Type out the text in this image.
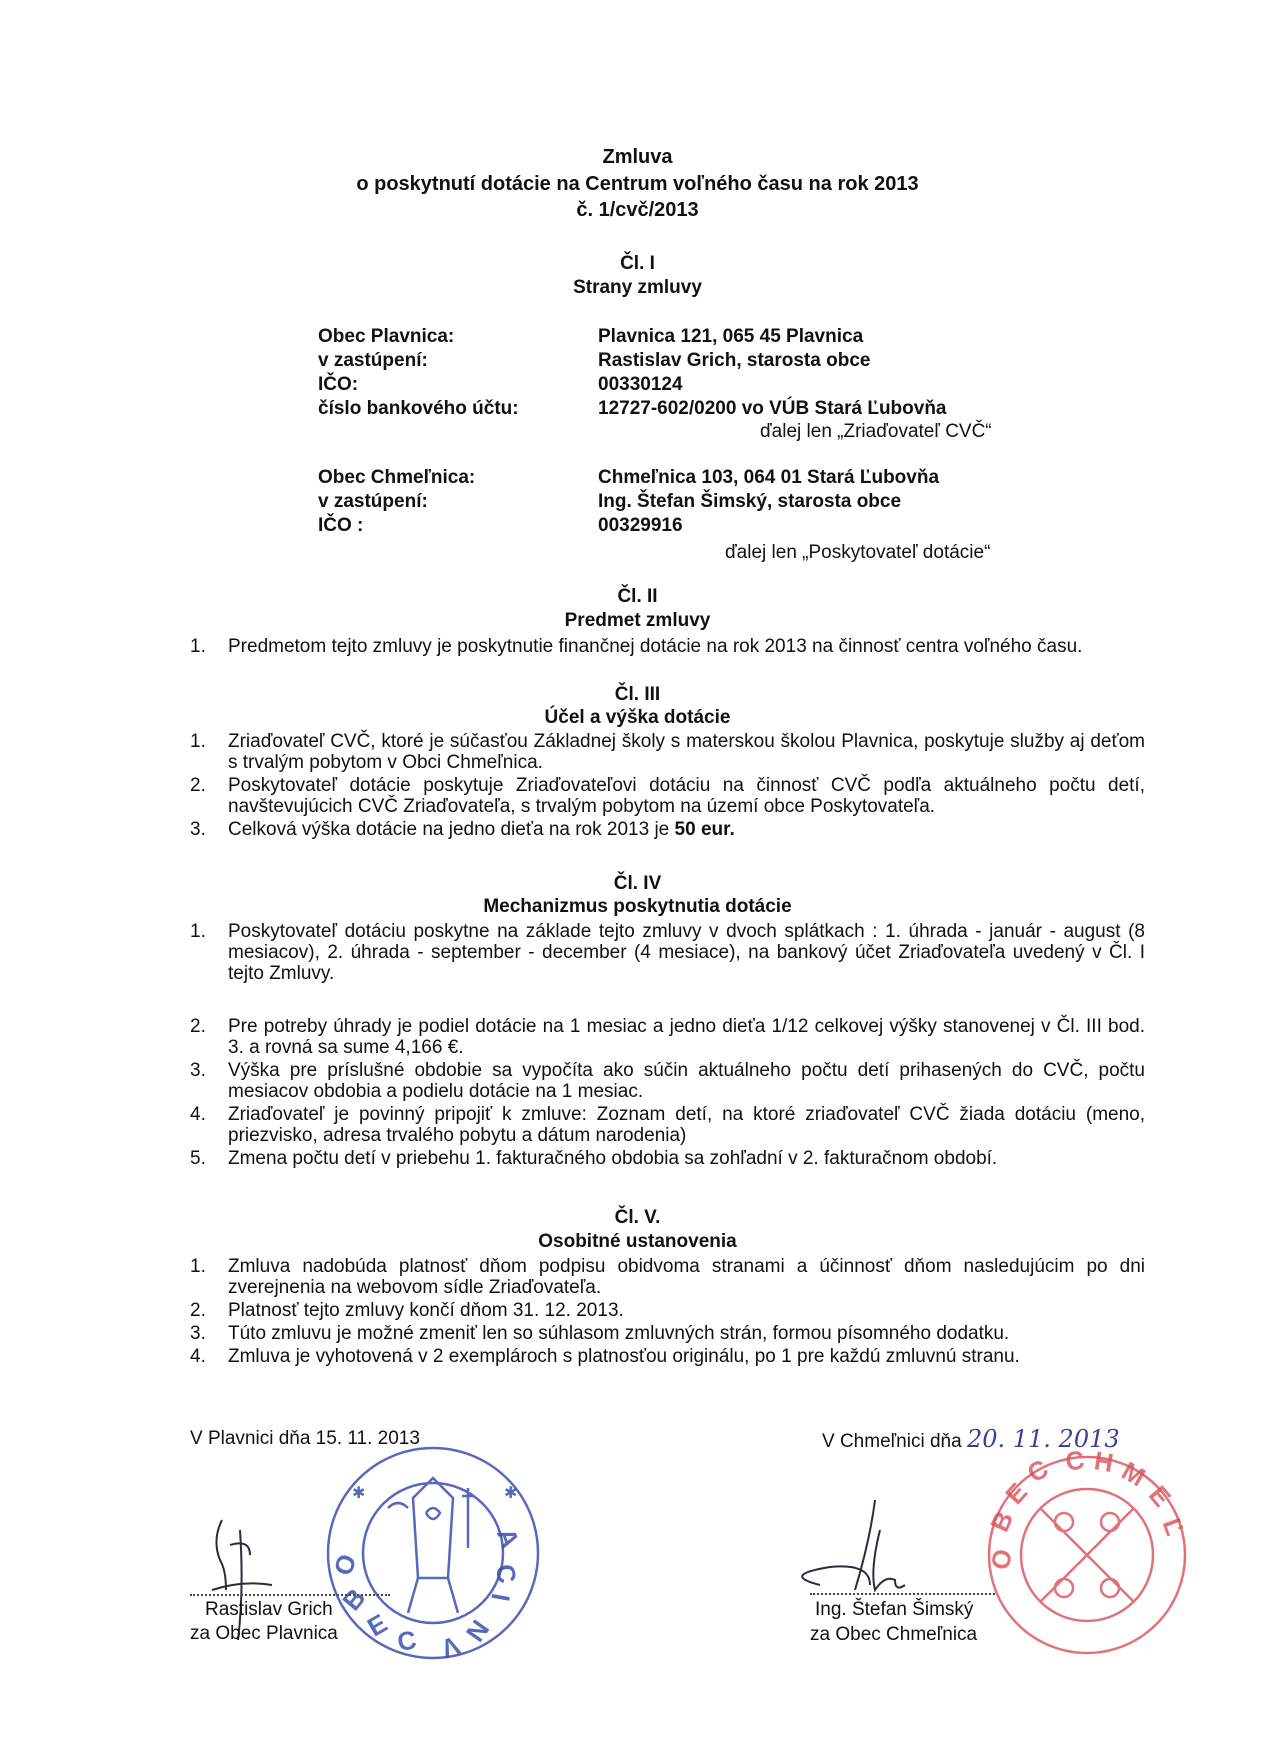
Zmluva
o poskytnutí dotácie na Centrum voľného času na rok 2013
č. 1/cvč/2013
Čl. I
Strany zmluvy
Obec Plavnica:
v zastúpení:
IČO:
číslo bankového účtu:
Plavnica 121, 065 45 Plavnica
Rastislav Grich, starosta obce
00330124
12727-602/0200 vo VÚB Stará Ľubovňa
ďalej len „Zriaďovateľ CVČ“
Obec Chmeľnica:
v zastúpení:
IČO :
Chmeľnica 103, 064 01 Stará Ľubovňa
Ing. Štefan Šimský, starosta obce
00329916
ďalej len „Poskytovateľ dotácie“
Čl. II
Predmet zmluvy
1. Predmetom tejto zmluvy je poskytnutie finančnej dotácie na rok 2013 na činnosť centra voľného času.
Čl. III
Účel a výška dotácie
1. Zriaďovateľ CVČ, ktoré je súčasťou Základnej školy s materskou školou Plavnica, poskytuje služby aj deťom s trvalým pobytom v Obci Chmeľnica.
2. Poskytovateľ dotácie poskytuje Zriaďovateľovi dotáciu na činnosť CVČ podľa aktuálneho počtu detí, navštevujúcich CVČ Zriaďovateľa, s trvalým pobytom na území obce Poskytovateľa.
3. Celková výška dotácie na jedno dieťa na rok 2013 je 50 eur.
Čl. IV
Mechanizmus poskytnutia dotácie
1. Poskytovateľ dotáciu poskytne na základe tejto zmluvy v dvoch splátkach : 1. úhrada - január - august (8 mesiacov), 2. úhrada - september - december (4 mesiace), na bankový účet Zriaďovateľa uvedený v Čl. I tejto Zmluvy.
2. Pre potreby úhrady je podiel dotácie na 1 mesiac a jedno dieťa 1/12 celkovej výšky stanovenej v Čl. III bod. 3. a rovná sa sume 4,166 €.
3. Výška pre príslušné obdobie sa vypočíta ako súčin aktuálneho počtu detí prihasených do CVČ, počtu mesiacov obdobia a podielu dotácie na 1 mesiac.
4. Zriaďovateľ je povinný pripojiť k zmluve: Zoznam detí, na ktoré zriaďovateľ CVČ žiada dotáciu (meno, priezvisko, adresa trvalého pobytu a dátum narodenia)
5. Zmena počtu detí v priebehu 1. fakturačného obdobia sa zohľadní v 2. fakturačnom období.
Čl. V.
Osobitné ustanovenia
1. Zmluva nadobúda platnosť dňom podpisu obidvoma stranami a účinnosť dňom nasledujúcim po dni zverejnenia na webovom sídle Zriaďovateľa.
2. Platnosť tejto zmluvy končí dňom 31. 12. 2013.
3. Túto zmluvu je možné zmeniť len so súhlasom zmluvných strán, formou písomného dodatku.
4. Zmluva je vyhotovená v 2 exemplároch s platnosťou originálu, po 1 pre každú zmluvnú stranu.
V Plavnici dňa 15. 11. 2013
O
B
E C
A
C
I
N
V
✱	✱
Rastislav Grich
za Obec Plavnica
V Chmeľnici dňa 20. 11. 2013
Ing. Štefan Šimský
za Obec Chmeľnica
O
B
E
C C H M
E
Ľ
